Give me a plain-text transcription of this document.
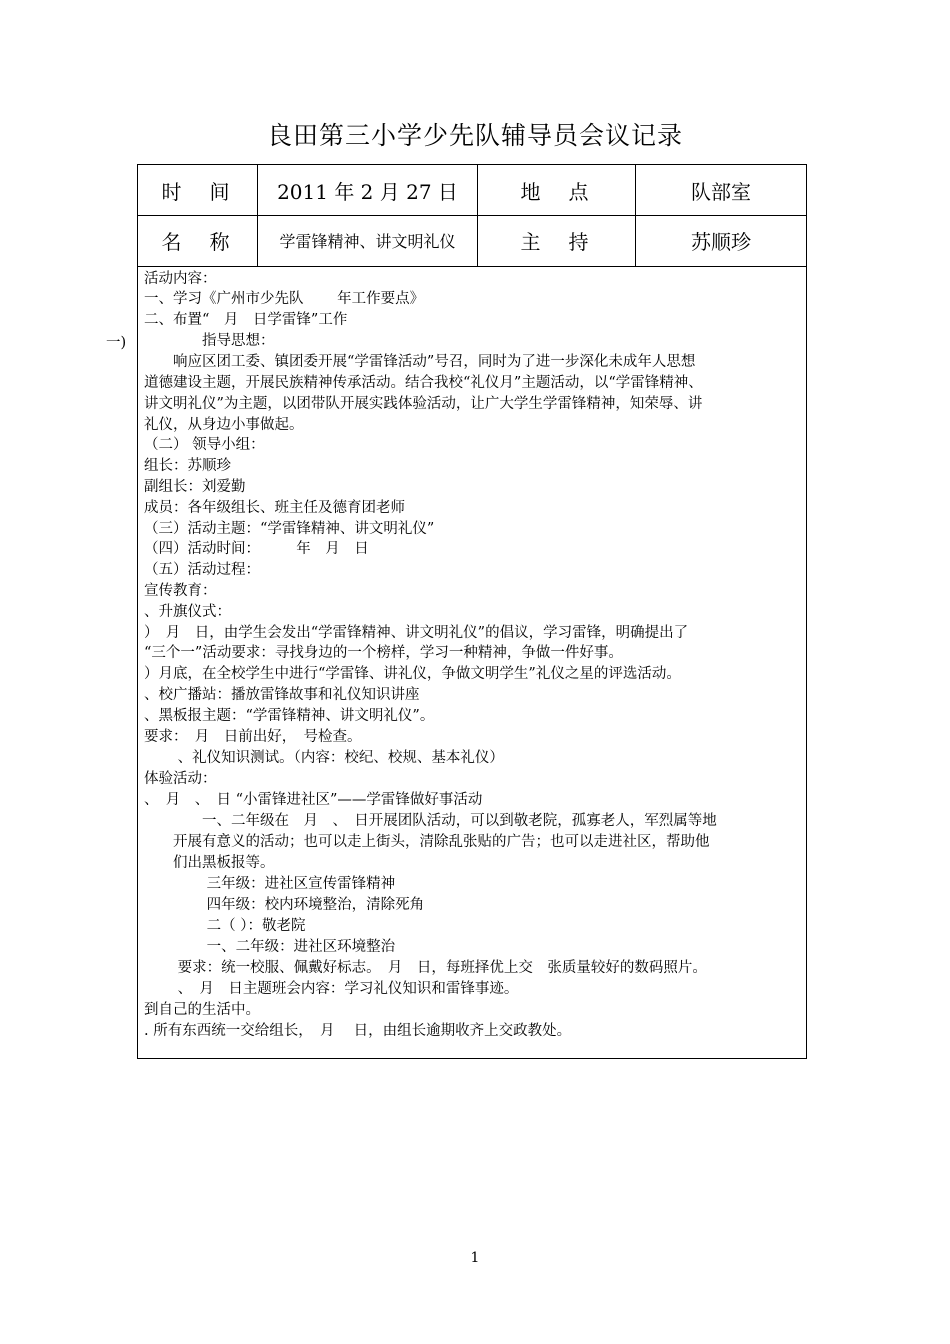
良田第三小学少先队辅导员会议记录
一)
时　间	2011 年 2 月 27 日	地　点	队部室
名　称	学雷锋精神、讲文明礼仪	主　持	苏顺珍
活动内容：
一、学习《广州市少先队　　 年工作要点》
二、布置“　月　日学雷锋”工作
　　　　指导思想：
　　响应区团工委、镇团委开展“学雷锋活动”号召，同时为了进一步深化未成年人思想
道德建设主题，开展民族精神传承活动。结合我校“礼仪月”主题活动，以“学雷锋精神、
讲文明礼仪”为主题，以团带队开展实践体验活动，让广大学生学雷锋精神，知荣辱、讲
礼仪，从身边小事做起。
（二） 领导小组：
组长：苏顺珍
副组长：刘爱勤
成员：各年级组长、班主任及德育团老师
（三）活动主题：“学雷锋精神、讲文明礼仪”
（四）活动时间：　　　年　月　日
（五）活动过程：
宣传教育：
、升旗仪式：
）　月　日，由学生会发出“学雷锋精神、讲文明礼仪”的倡议，学习雷锋，明确提出了
“三个一”活动要求：寻找身边的一个榜样，学习一种精神，争做一件好事。
）月底，在全校学生中进行“学雷锋、讲礼仪，争做文明学生”礼仪之星的评选活动。
、校广播站：播放雷锋故事和礼仪知识讲座
、黑板报主题：“学雷锋精神、讲文明礼仪”。
要求：　月　日前出好，　号检查。
　　 、礼仪知识测试。（内容：校纪、校规、基本礼仪）
体验活动：
、　月　、　日 “小雷锋进社区”——学雷锋做好事活动
　　　　一、二年级在　月　、　日开展团队活动，可以到敬老院，孤寡老人，军烈属等地
　　开展有意义的活动；也可以走上街头，清除乱张贴的广告；也可以走进社区，帮助他
　　们出黑板报等。
　　　　 三年级：进社区宣传雷锋精神
　　　　 四年级：校内环境整治，清除死角
　　　　 二（ ）：敬老院
　　　　 一、二年级：进社区环境整治
　　 要求：统一校服、佩戴好标志。　月　日，每班择优上交　张质量较好的数码照片。
　　 、　月　日主题班会内容：学习礼仪知识和雷锋事迹。
到自己的生活中。
. 所有东西统一交给组长，　月　 日，由组长逾期收齐上交政教处。
1
